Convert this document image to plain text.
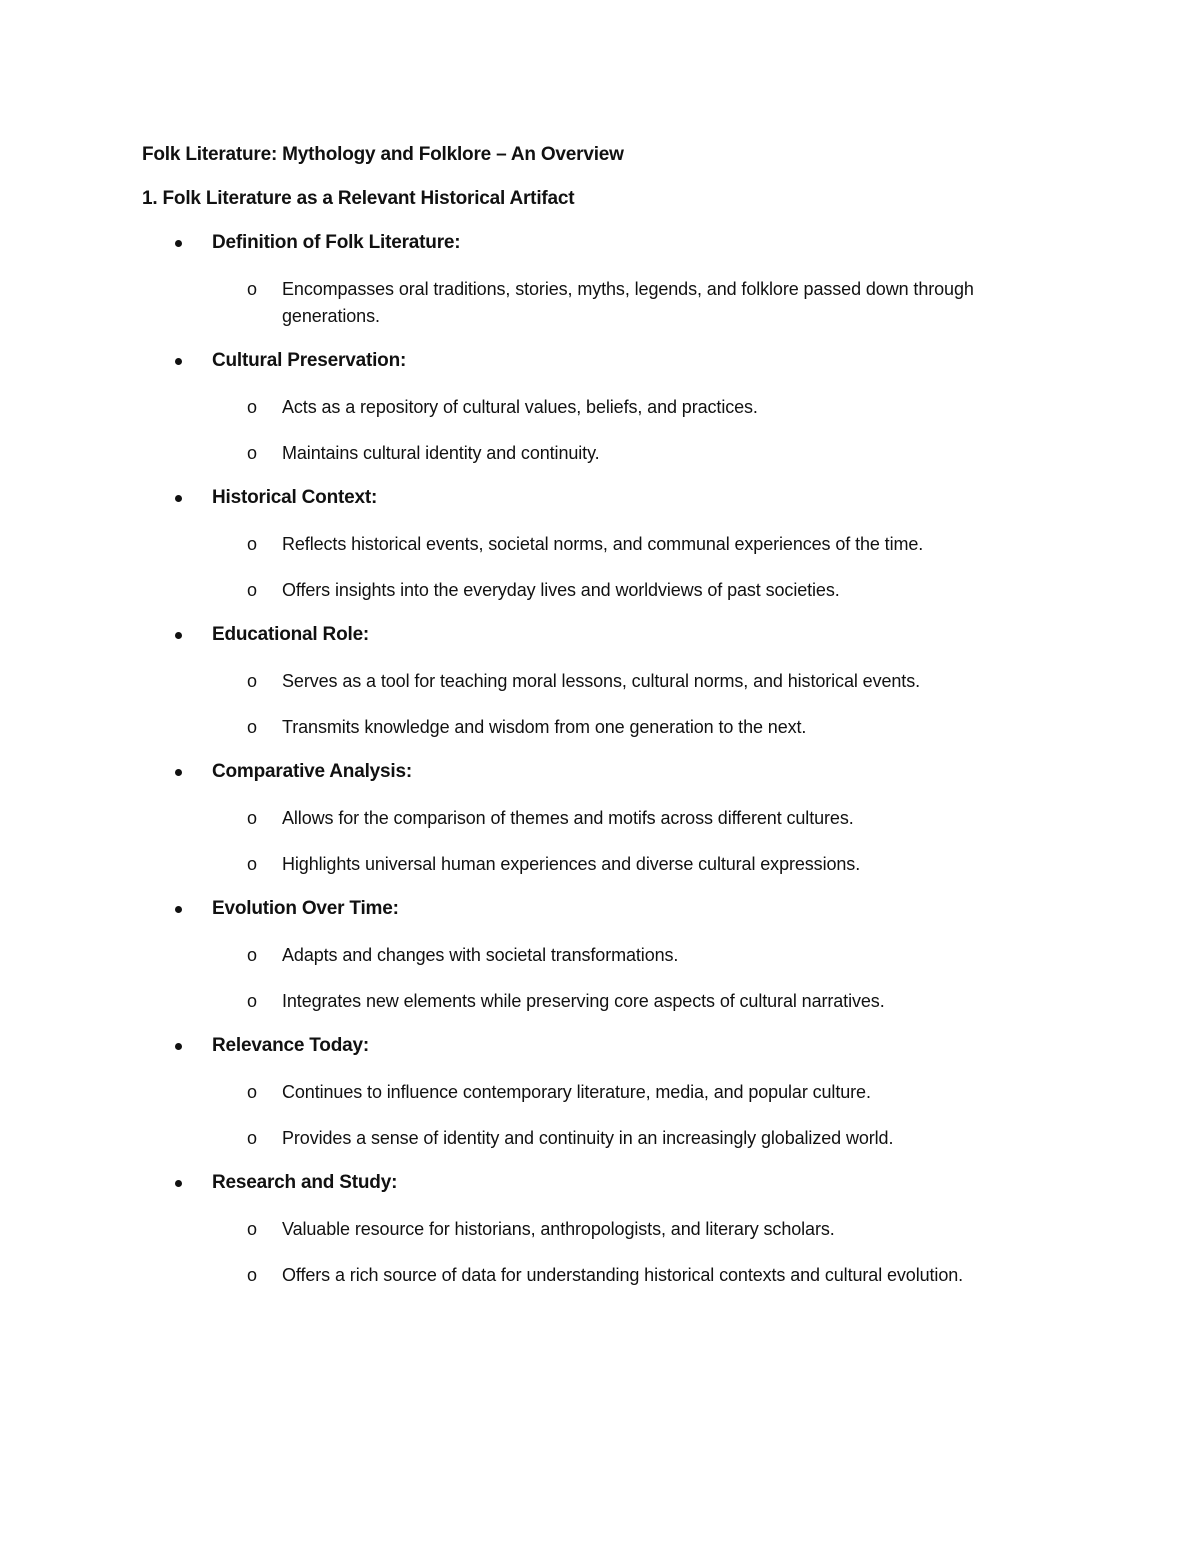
Folk Literature: Mythology and Folklore – An Overview
1. Folk Literature as a Relevant Historical Artifact
Definition of Folk Literature:
o Encompasses oral traditions, stories, myths, legends, and folklore passed down through generations.
Cultural Preservation:
o Acts as a repository of cultural values, beliefs, and practices.
o Maintains cultural identity and continuity.
Historical Context:
o Reflects historical events, societal norms, and communal experiences of the time.
o Offers insights into the everyday lives and worldviews of past societies.
Educational Role:
o Serves as a tool for teaching moral lessons, cultural norms, and historical events.
o Transmits knowledge and wisdom from one generation to the next.
Comparative Analysis:
o Allows for the comparison of themes and motifs across different cultures.
o Highlights universal human experiences and diverse cultural expressions.
Evolution Over Time:
o Adapts and changes with societal transformations.
o Integrates new elements while preserving core aspects of cultural narratives.
Relevance Today:
o Continues to influence contemporary literature, media, and popular culture.
o Provides a sense of identity and continuity in an increasingly globalized world.
Research and Study:
o Valuable resource for historians, anthropologists, and literary scholars.
o Offers a rich source of data for understanding historical contexts and cultural evolution.
